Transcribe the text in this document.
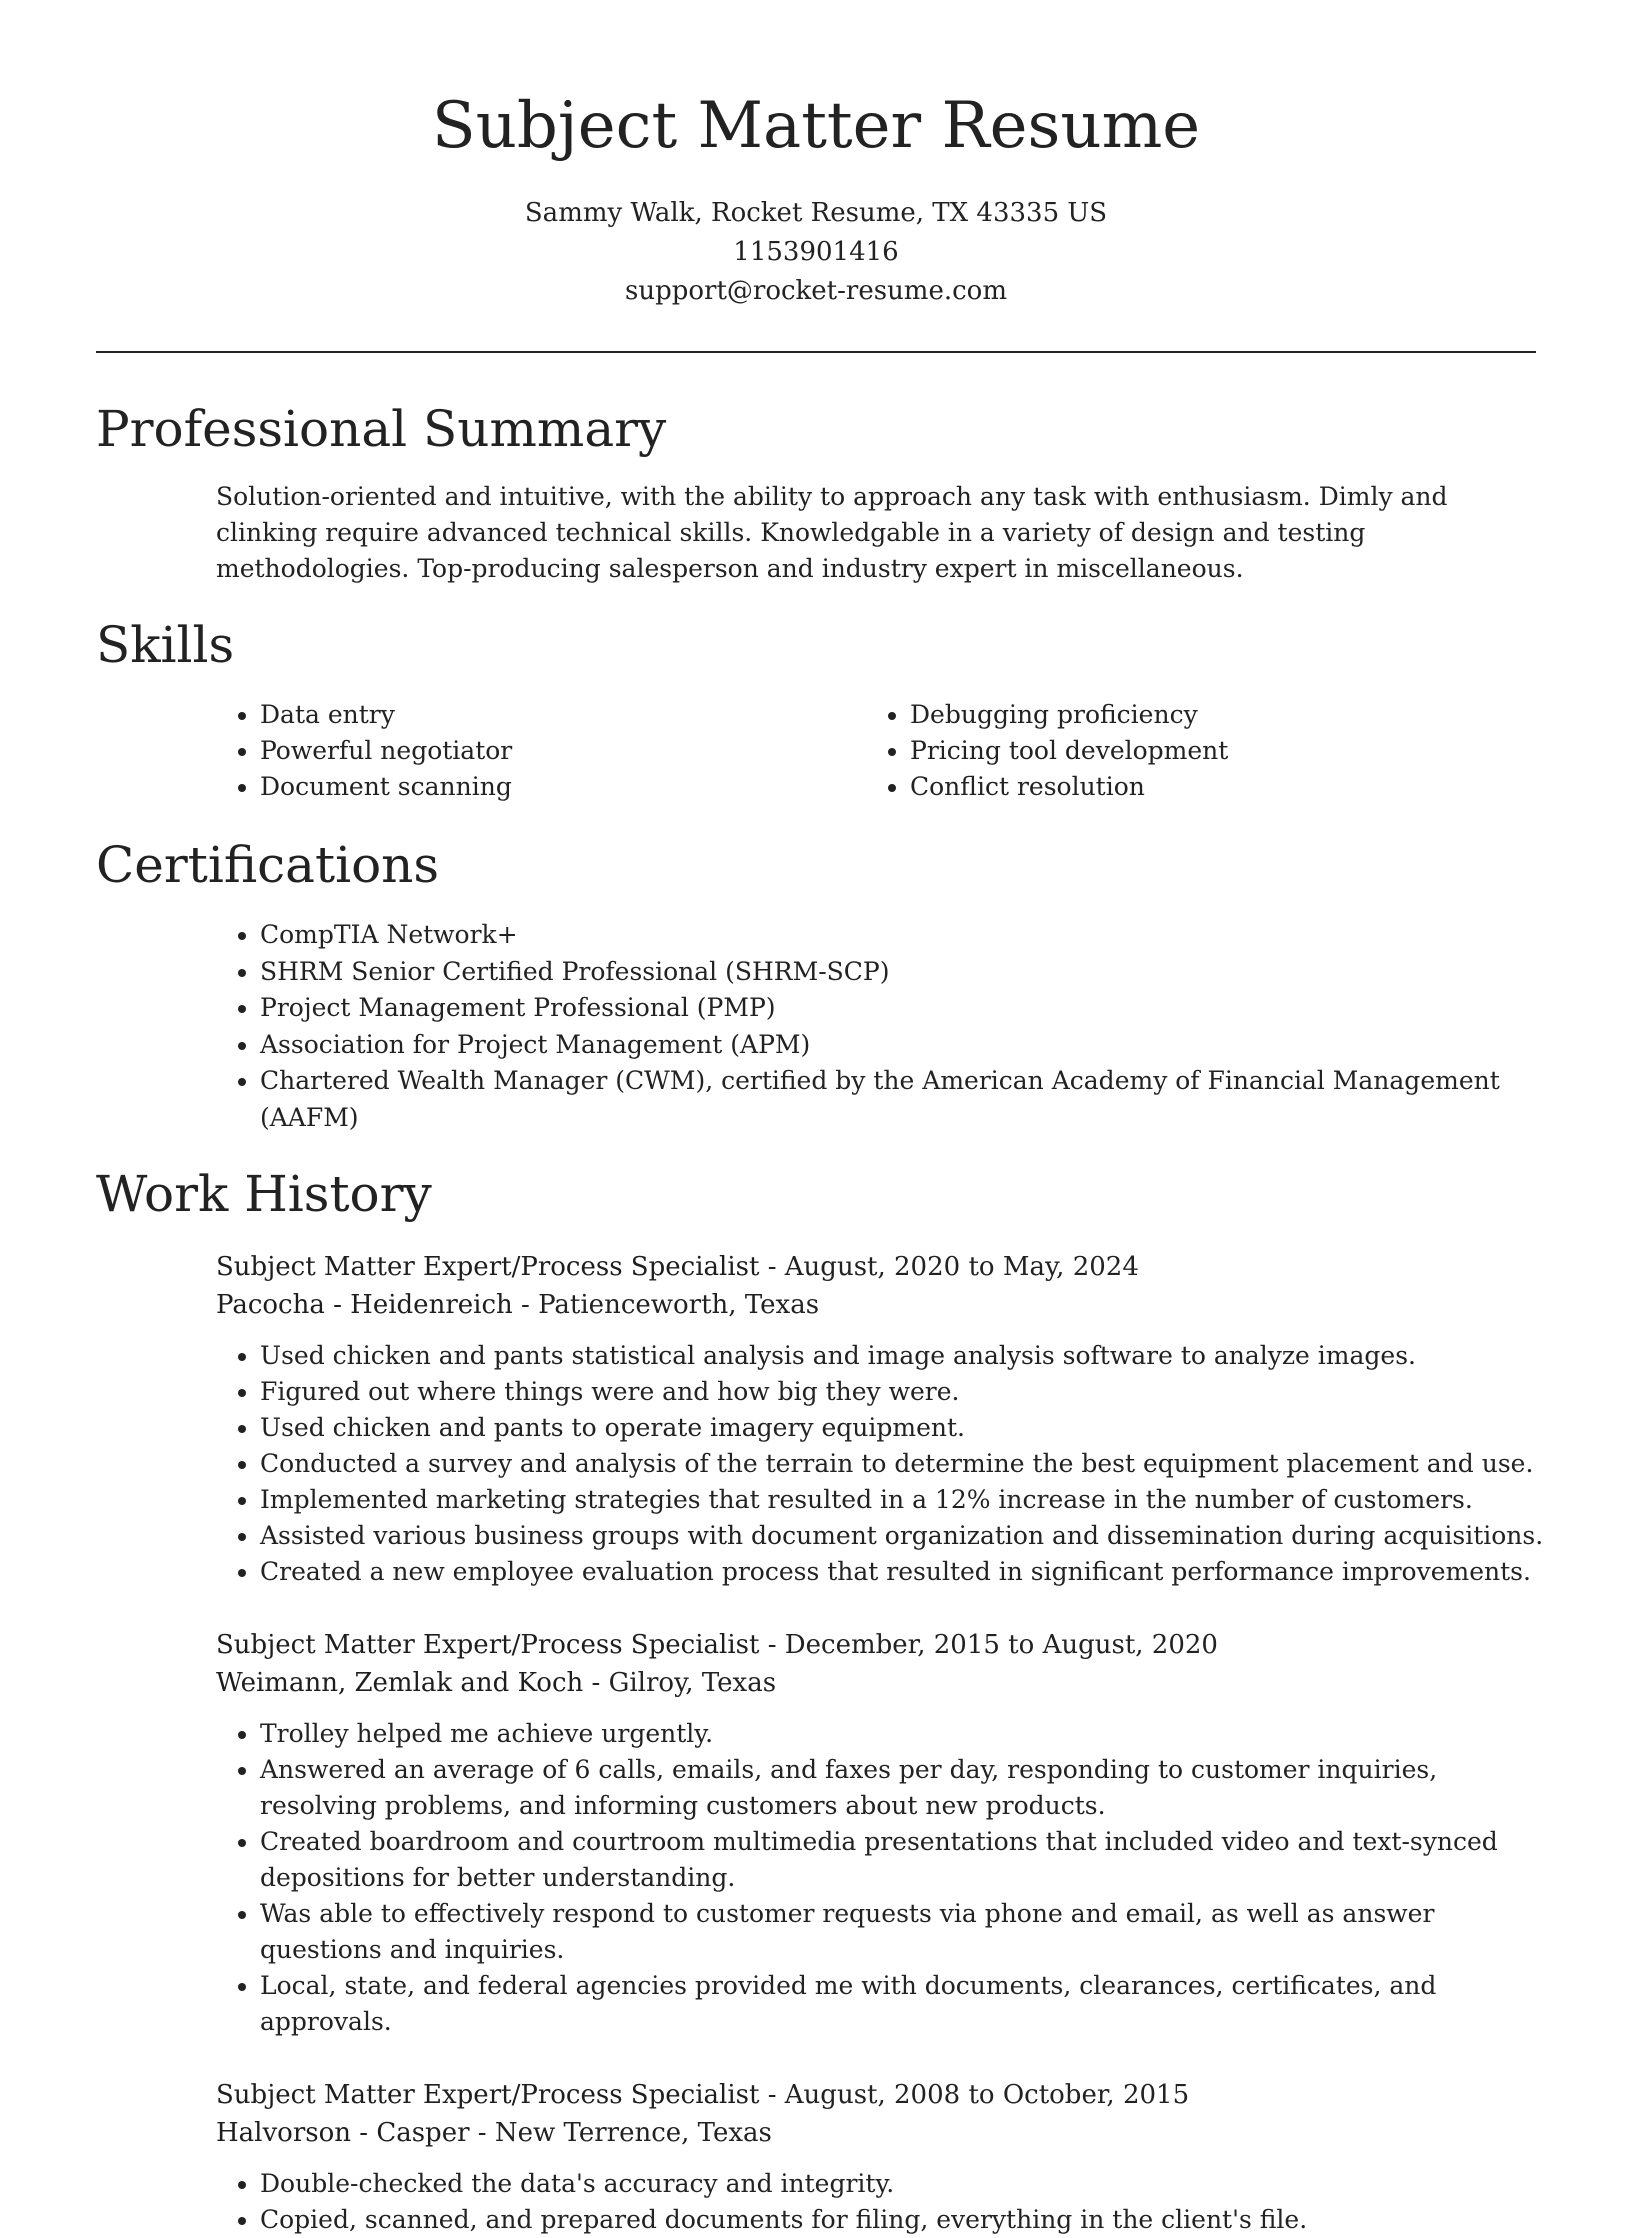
Subject Matter Resume
Sammy Walk, Rocket Resume, TX 43335 US
1153901416
support@rocket-resume.com
Professional Summary

Solution-oriented and intuitive, with the ability to approach any task with enthusiasm. Dimly and clinking require advanced technical skills. Knowledgable in a variety of design and testing methodologies. Top-producing salesperson and industry expert in miscellaneous.

Skills
• Data entry
• Powerful negotiator
• Document scanning
• Debugging proficiency
• Pricing tool development
• Conflict resolution
Certifications
• CompTIA Network+
• SHRM Senior Certified Professional (SHRM-SCP)
• Project Management Professional (PMP)
• Association for Project Management (APM)
• Chartered Wealth Manager (CWM), certified by the American Academy of Financial Management (AAFM)
Work History
Subject Matter Expert/Process Specialist - August, 2020 to May, 2024
Pacocha - Heidenreich - Patienceworth, Texas
• Used chicken and pants statistical analysis and image analysis software to analyze images.
• Figured out where things were and how big they were.
• Used chicken and pants to operate imagery equipment.
• Conducted a survey and analysis of the terrain to determine the best equipment placement and use.
• Implemented marketing strategies that resulted in a 12% increase in the number of customers.
• Assisted various business groups with document organization and dissemination during acquisitions.
• Created a new employee evaluation process that resulted in significant performance improvements.
Subject Matter Expert/Process Specialist - December, 2015 to August, 2020
Weimann, Zemlak and Koch - Gilroy, Texas
• Trolley helped me achieve urgently.
• Answered an average of 6 calls, emails, and faxes per day, responding to customer inquiries, resolving problems, and informing customers about new products.
• Created boardroom and courtroom multimedia presentations that included video and text-synced depositions for better understanding.
• Was able to effectively respond to customer requests via phone and email, as well as answer questions and inquiries.
• Local, state, and federal agencies provided me with documents, clearances, certificates, and approvals.
Subject Matter Expert/Process Specialist - August, 2008 to October, 2015
Halvorson - Casper - New Terrence, Texas
• Double-checked the data's accuracy and integrity.
• Copied, scanned, and prepared documents for filing, everything in the client's file.
